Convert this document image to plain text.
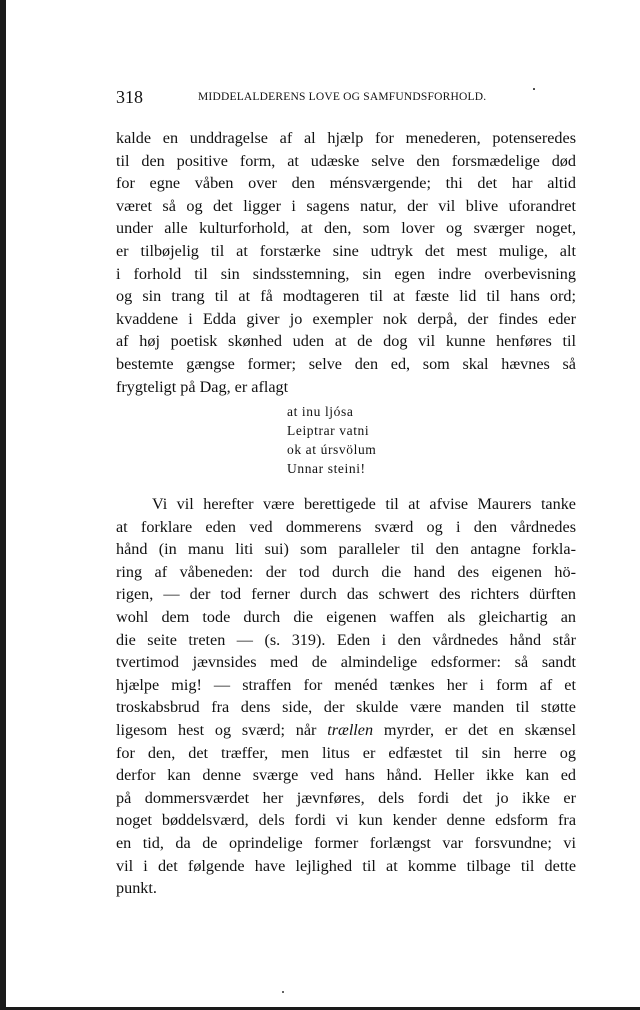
318	MIDDELALDERENS LOVE OG SAMFUNDSFORHOLD.
kalde en unddragelse af al hjælp for menederen, potenseredes
til den positive form, at udæske selve den forsmædelige død
for egne våben over den ménsværgende; thi det har altid
været så og det ligger i sagens natur, der vil blive uforandret
under alle kulturforhold, at den, som lover og sværger noget,
er tilbøjelig til at forstærke sine udtryk det mest mulige, alt
i forhold til sin sindsstemning, sin egen indre overbevisning
og sin trang til at få modtageren til at fæste lid til hans ord;
kvaddene i Edda giver jo exempler nok derpå, der findes eder
af høj poetisk skønhed uden at de dog vil kunne henføres til
bestemte gængse former; selve den ed, som skal hævnes så
frygteligt på Dag, er aflagt
at inu ljósa
Leiptrar vatni
ok at úrsvölum
Unnar steini!
Vi vil herefter være berettigede til at afvise Maurers tanke
at forklare eden ved dommerens sværd og i den vårdnedes
hånd (in manu liti sui) som paralleler til den antagne forkla-
ring af våbeneden: der tod durch die hand des eigenen hö-
rigen, — der tod ferner durch das schwert des richters dürften
wohl dem tode durch die eigenen waffen als gleichartig an
die seite treten — (s. 319). Eden i den vårdnedes hånd står
tvertimod jævnsides med de almindelige edsformer: så sandt
hjælpe mig! — straffen for menéd tænkes her i form af et
troskabsbrud fra dens side, der skulde være manden til støtte
ligesom hest og sværd; når trællen myrder, er det en skænsel
for den, det træffer, men litus er edfæstet til sin herre og
derfor kan denne sværge ved hans hånd. Heller ikke kan ed
på dommersværdet her jævnføres, dels fordi det jo ikke er
noget bøddelsværd, dels fordi vi kun kender denne edsform fra
en tid, da de oprindelige former forlængst var forsvundne; vi
vil i det følgende have lejlighed til at komme tilbage til dette
punkt.
